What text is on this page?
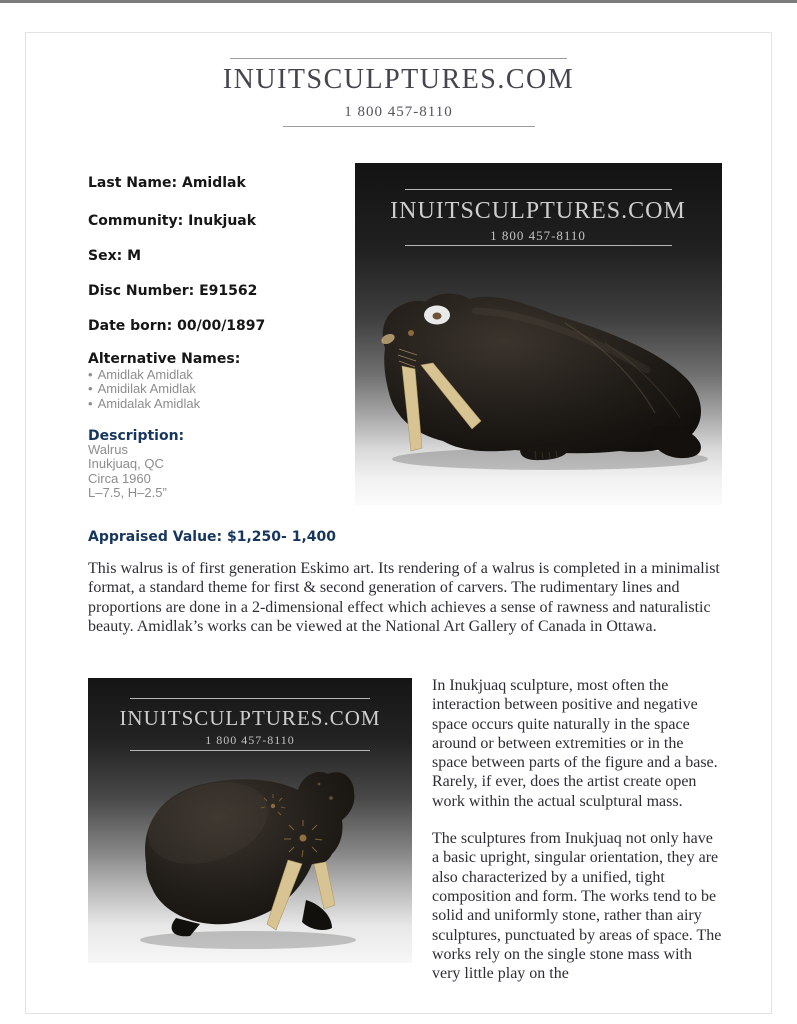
INUITSCULPTURES.COM
1 800 457-8110
Last Name: Amidlak
Community: Inukjuak
Sex: M
Disc Number: E91562
Date born: 00/00/1897
Alternative Names:
• Amidlak Amidlak
• Amidilak Amidlak
• Amidalak Amidlak
Description:
Walrus
Inukjuaq, QC
Circa 1960
L–7.5, H–2.5”
INUITSCULPTURES.COM
1 800 457-8110
Appraised Value: $1,250- 1,400

This walrus is of first generation Eskimo art. Its rendering of a walrus is completed in a minimalist format, a standard theme for first & second generation of carvers. The rudimentary lines and proportions are done in a 2-dimensional effect which achieves a sense of rawness and naturalistic beauty. Amidlak’s works can be viewed at the National Art Gallery of Canada in Ottawa.

INUITSCULPTURES.COM
1 800 457-8110

In Inukjuaq sculpture, most often the interaction between positive and negative space occurs quite naturally in the space around or between extremities or in the space between parts of the figure and a base. Rarely, if ever, does the artist create open work within the actual sculptural mass.

The sculptures from Inukjuaq not only have a basic upright, singular orientation, they are also characterized by a unified, tight composition and form. The works tend to be solid and uniformly stone, rather than airy sculptures, punctuated by areas of space. The works rely on the single stone mass with very little play on the
